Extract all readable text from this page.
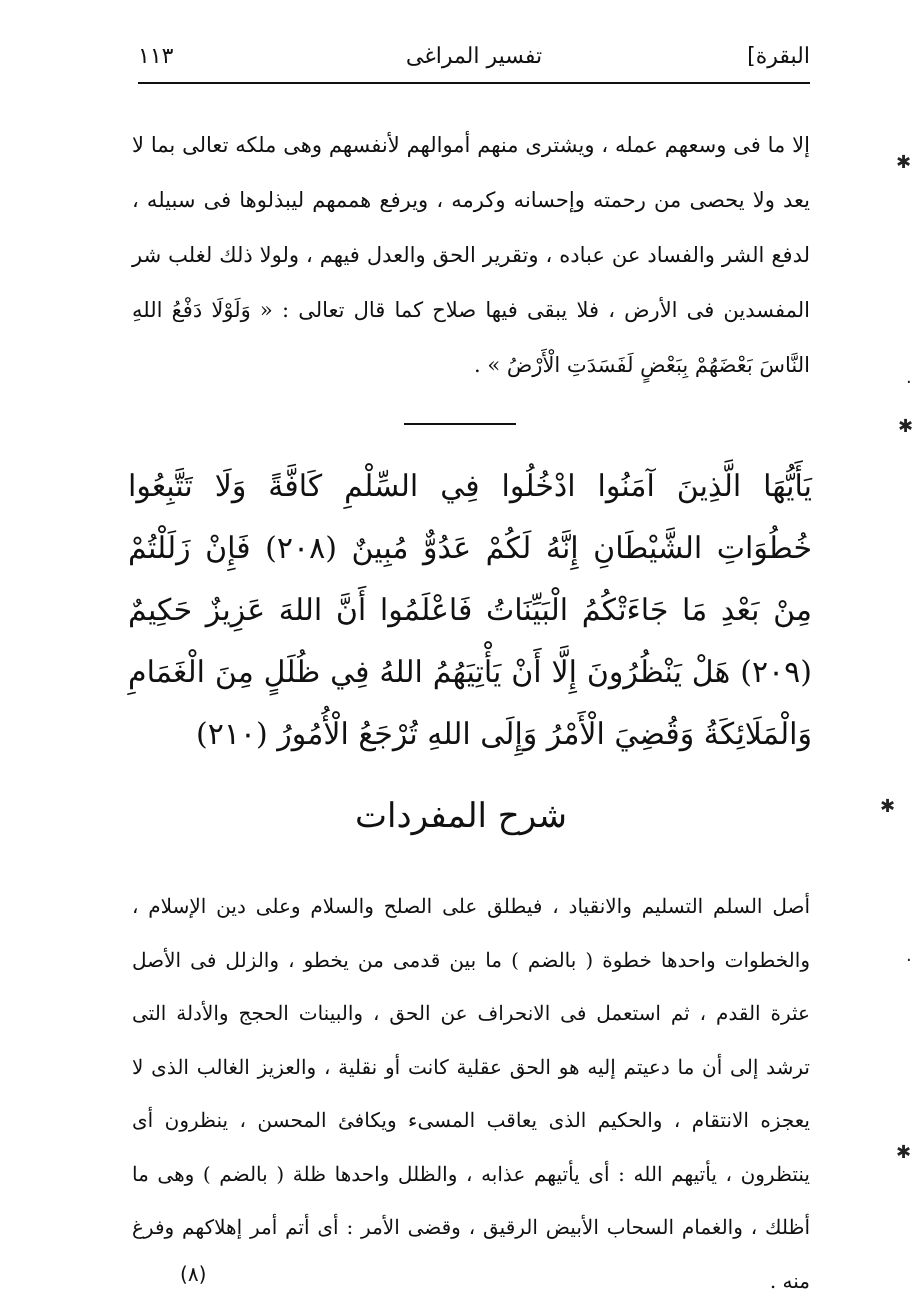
البقرة]
تفسير المراغى
١١٣
إلا ما فى وسعهم عمله ، ويشترى منهم أموالهم لأنفسهم وهى ملكه تعالى بما لا يعد ولا يحصى من رحمته وإحسانه وكرمه ، ويرفع هممهم ليبذلوها فى سبيله ، لدفع الشر والفساد عن عباده ، وتقرير الحق والعدل فيهم ، ولولا ذلك لغلب شر المفسدين فى الأرض ، فلا يبقى فيها صلاح كما قال تعالى : « وَلَوْلَا دَفْعُ اللهِ النَّاسَ بَعْضَهُمْ بِبَعْضٍ لَفَسَدَتِ الْأَرْضُ » .
يَأَيُّهَا الَّذِينَ آمَنُوا ادْخُلُوا فِي السِّلْمِ كَافَّةً وَلَا تَتَّبِعُوا خُطُوَاتِ الشَّيْطَانِ إِنَّهُ لَكُمْ عَدُوٌّ مُبِينٌ (٢٠٨) فَإِنْ زَلَلْتُمْ مِنْ بَعْدِ مَا جَاءَتْكُمُ الْبَيِّنَاتُ فَاعْلَمُوا أَنَّ اللهَ عَزِيزٌ حَكِيمٌ (٢٠٩) هَلْ يَنْظُرُونَ إِلَّا أَنْ يَأْتِيَهُمُ اللهُ فِي ظُلَلٍ مِنَ الْغَمَامِ وَالْمَلَائِكَةُ وَقُضِيَ الْأَمْرُ وَإِلَى اللهِ تُرْجَعُ الْأُمُورُ (٢١٠)
شرح المفردات
أصل السلم التسليم والانقياد ، فيطلق على الصلح والسلام وعلى دين الإسلام ، والخطوات واحدها خطوة ( بالضم ) ما بين قدمى من يخطو ، والزلل فى الأصل عثرة القدم ، ثم استعمل فى الانحراف عن الحق ، والبينات الحجج والأدلة التى ترشد إلى أن ما دعيتم إليه هو الحق عقلية كانت أو نقلية ، والعزيز الغالب الذى لا يعجزه الانتقام ، والحكيم الذى يعاقب المسىء ويكافئ المحسن ، ينظرون أى ينتظرون ، يأتيهم الله : أى يأتيهم عذابه ، والظلل واحدها ظلة ( بالضم ) وهى ما أظلك ، والغمام السحاب الأبيض الرقيق ، وقضى الأمر : أى أتم أمر إهلاكهم وفرغ منه .
(٨)
✱
✱
✱
✱
·
·
